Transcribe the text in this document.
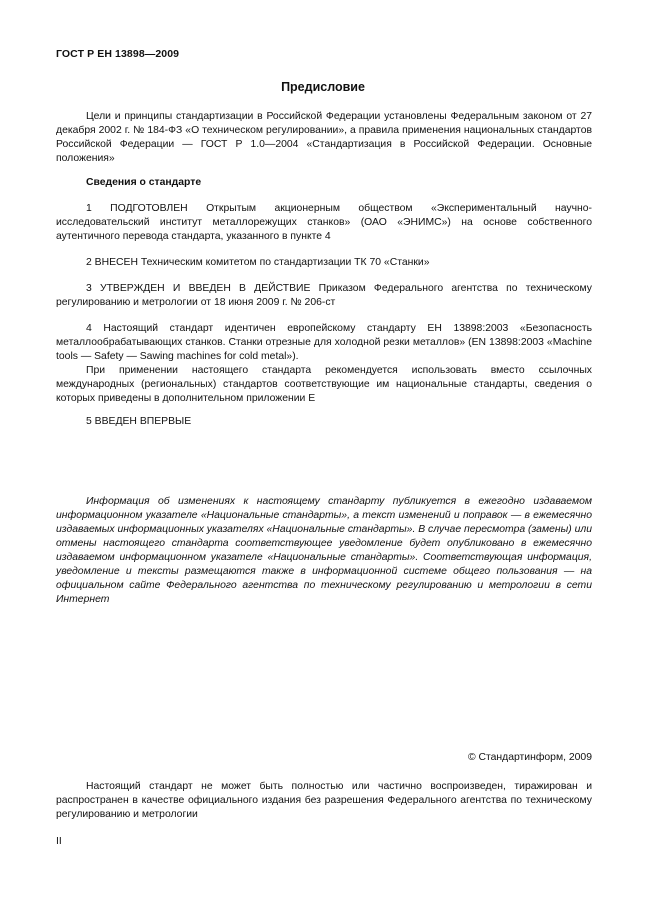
ГОСТ Р ЕН 13898—2009
Предисловие

Цели и принципы стандартизации в Российской Федерации установлены Федеральным законом от 27 декабря 2002 г. № 184-ФЗ «О техническом регулировании», а правила применения национальных стандартов Российской Федерации — ГОСТ Р 1.0—2004 «Стандартизация в Российской Федерации. Основные положения»

Сведения о стандарте

1 ПОДГОТОВЛЕН Открытым акционерным обществом «Экспериментальный научно-исследовательский институт металлорежущих станков» (ОАО «ЭНИМС») на основе собственного аутентичного перевода стандарта, указанного в пункте 4

2 ВНЕСЕН Техническим комитетом по стандартизации ТК 70 «Станки»

3 УТВЕРЖДЕН И ВВЕДЕН В ДЕЙСТВИЕ Приказом Федерального агентства по техническому регулированию и метрологии от 18 июня 2009 г. № 206-ст

4 Настоящий стандарт идентичен европейскому стандарту ЕН 13898:2003 «Безопасность металлообрабатывающих станков. Станки отрезные для холодной резки металлов» (EN 13898:2003 «Machine tools — Safety — Sawing machines for cold metal»).

При применении настоящего стандарта рекомендуется использовать вместо ссылочных международных (региональных) стандартов соответствующие им национальные стандарты, сведения о которых приведены в дополнительном приложении Е

5 ВВЕДЕН ВПЕРВЫЕ

Информация об изменениях к настоящему стандарту публикуется в ежегодно издаваемом информационном указателе «Национальные стандарты», а текст изменений и поправок — в ежемесячно издаваемых информационных указателях «Национальные стандарты». В случае пересмотра (замены) или отмены настоящего стандарта соответствующее уведомление будет опубликовано в ежемесячно издаваемом информационном указателе «Национальные стандарты». Соответствующая информация, уведомление и тексты размещаются также в информационной системе общего пользования — на официальном сайте Федерального агентства по техническому регулированию и метрологии в сети Интернет

© Стандартинформ, 2009

Настоящий стандарт не может быть полностью или частично воспроизведен, тиражирован и распространен в качестве официального издания без разрешения Федерального агентства по техническому регулированию и метрологии

II
